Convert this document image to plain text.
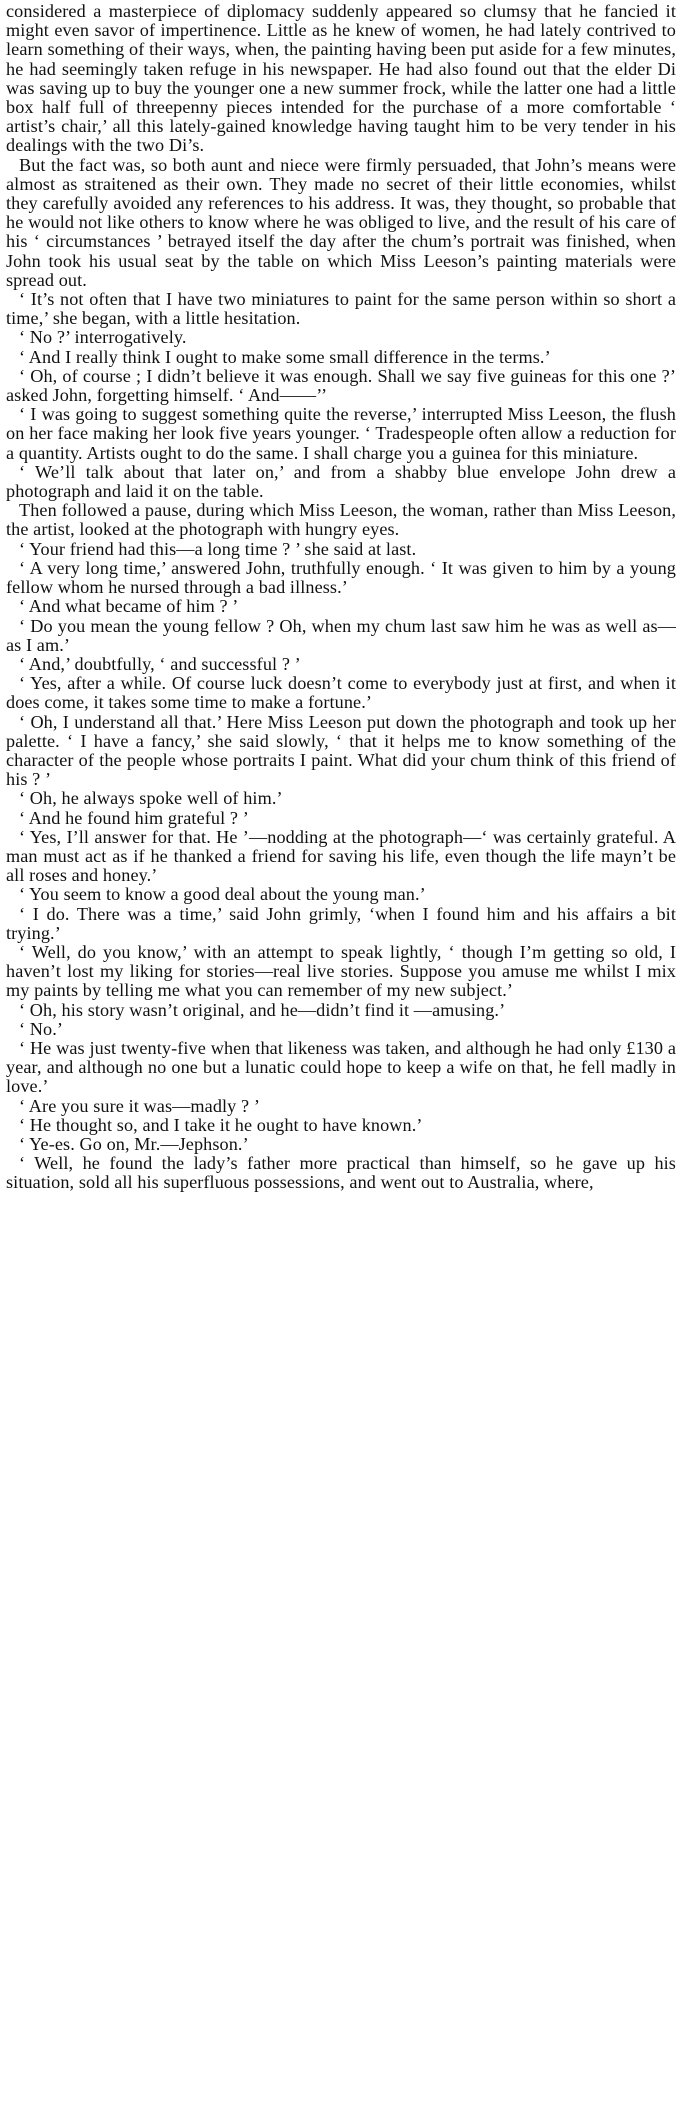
considered a masterpiece of diplomacy suddenly appeared so clumsy that he fancied it might even savor of impertinence. Little as he knew of women, he had lately contrived to learn something of their ways, when, the painting having been put aside for a few minutes, he had seemingly taken refuge in his newspaper. He had also found out that the elder Di was saving up to buy the younger one a new summer frock, while the latter one had a little box half full of threepenny pieces intended for the purchase of a more comfortable ‘ artist’s chair,’ all this lately-gained knowledge having taught him to be very tender in his dealings with the two Di’s.

But the fact was, so both aunt and niece were firmly persuaded, that John’s means were almost as straitened as their own. They made no secret of their little economies, whilst they carefully avoided any references to his address. It was, they thought, so probable that he would not like others to know where he was obliged to live, and the result of his care of his ‘ circumstances ’ betrayed itself the day after the chum’s portrait was finished, when John took his usual seat by the table on which Miss Leeson’s painting materials were spread out.

‘ It’s not often that I have two miniatures to paint for the same person within so short a time,’ she began, with a little hesitation.

‘ No ?’ interrogatively.

‘ And I really think I ought to make some small difference in the terms.’

‘ Oh, of course ; I didn’t believe it was enough. Shall we say five guineas for this one ?’ asked John, forgetting himself. ‘ And——’’

‘ I was going to suggest something quite the reverse,’ interrupted Miss Leeson, the flush on her face making her look five years younger. ‘ Tradespeople often allow a reduction for a quantity. Artists ought to do the same. I shall charge you a guinea for this miniature.

‘ We’ll talk about that later on,’ and from a shabby blue envelope John drew a photograph and laid it on the table.

Then followed a pause, during which Miss Leeson, the woman, rather than Miss Leeson, the artist, looked at the photograph with hungry eyes.

‘ Your friend had this—a long time ? ’ she said at last.

‘ A very long time,’ answered John, truthfully enough. ‘ It was given to him by a young fellow whom he nursed through a bad illness.’

‘ And what became of him ? ’

‘ Do you mean the young fellow ? Oh, when my chum last saw him he was as well as—as I am.’

‘ And,’ doubtfully, ‘ and successful ? ’

‘ Yes, after a while. Of course luck doesn’t come to everybody just at first, and when it does come, it takes some time to make a fortune.’

‘ Oh, I understand all that.’ Here Miss Leeson put down the photograph and took up her palette. ‘ I have a fancy,’ she said slowly, ‘ that it helps me to know something of the character of the people whose portraits I paint. What did your chum think of this friend of his ? ’

‘ Oh, he always spoke well of him.’

‘ And he found him grateful ? ’

‘ Yes, I’ll answer for that. He ’—nodding at the photograph—‘ was certainly grateful. A man must act as if he thanked a friend for saving his life, even though the life mayn’t be all roses and honey.’

‘ You seem to know a good deal about the young man.’

‘ I do. There was a time,’ said John grimly, ‘when I found him and his affairs a bit trying.’

‘ Well, do you know,’ with an attempt to speak lightly, ‘ though I’m getting so old, I haven’t lost my liking for stories—real live stories. Suppose you amuse me whilst I mix my paints by telling me what you can remember of my new subject.’

‘ Oh, his story wasn’t original, and he—didn’t find it —amusing.’

‘ No.’

‘ He was just twenty-five when that likeness was taken, and although he had only £130 a year, and although no one but a lunatic could hope to keep a wife on that, he fell madly in love.’

‘ Are you sure it was—madly ? ’

‘ He thought so, and I take it he ought to have known.’

‘ Ye-es. Go on, Mr.—Jephson.’

‘ Well, he found the lady’s father more practical than himself, so he gave up his situation, sold all his superfluous possessions, and went out to Australia, where,
